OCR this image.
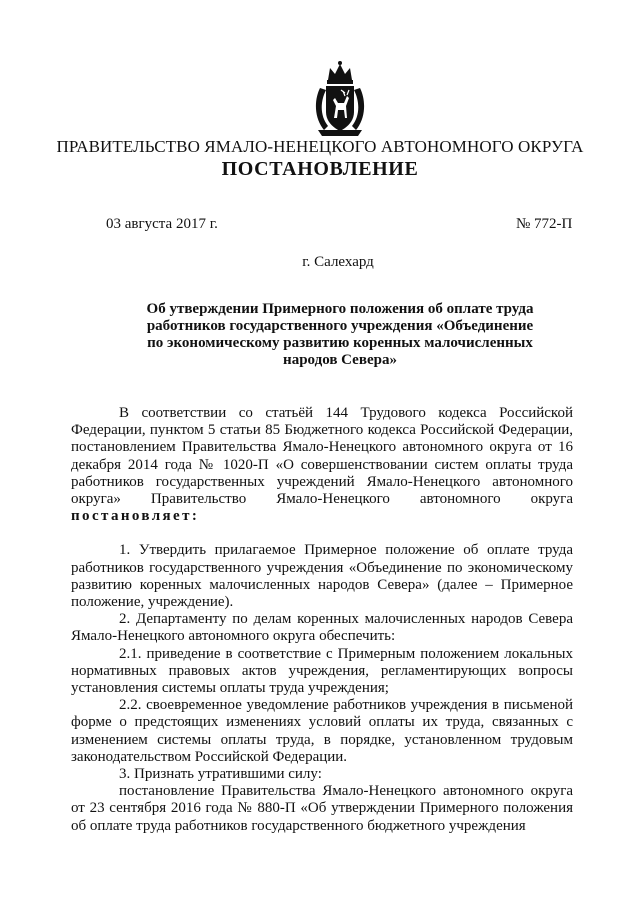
ПРАВИТЕЛЬСТВО ЯМАЛО-НЕНЕЦКОГО АВТОНОМНОГО ОКРУГА
ПОСТАНОВЛЕНИЕ
03 августа 2017 г.	№ 772-П
г. Салехард
Об утверждении Примерного положения об оплате труда
работников государственного учреждения «Объединение
по экономическому развитию коренных малочисленных
народов Севера»

В соответствии со статьёй 144 Трудового кодекса Российской Федерации, пунктом 5 статьи 85 Бюджетного кодекса Российской Федерации, постановлением Правительства Ямало-Ненецкого автономного округа от 16 декабря 2014 года № 1020-П «О совершенствовании систем оплаты труда работников государственных учреждений Ямало-Ненецкого автономного округа» Правительство Ямало-Ненецкого автономного округа постановляет:

1. Утвердить прилагаемое Примерное положение об оплате труда работников государственного учреждения «Объединение по экономическому развитию коренных малочисленных народов Севера» (далее – Примерное положение, учреждение).

2. Департаменту по делам коренных малочисленных народов Севера Ямало-Ненецкого автономного округа обеспечить:

2.1. приведение в соответствие с Примерным положением локальных нормативных правовых актов учреждения, регламентирующих вопросы установления системы оплаты труда учреждения;

2.2. своевременное уведомление работников учреждения в письменой форме о предстоящих изменениях условий оплаты их труда, связанных с изменением системы оплаты труда, в порядке, установленном трудовым законодательством Российской Федерации.

3. Признать утратившими силу:

постановление Правительства Ямало-Ненецкого автономного округа от 23 сентября 2016 года № 880-П «Об утверждении Примерного положения об оплате труда работников государственного бюджетного учреждения
